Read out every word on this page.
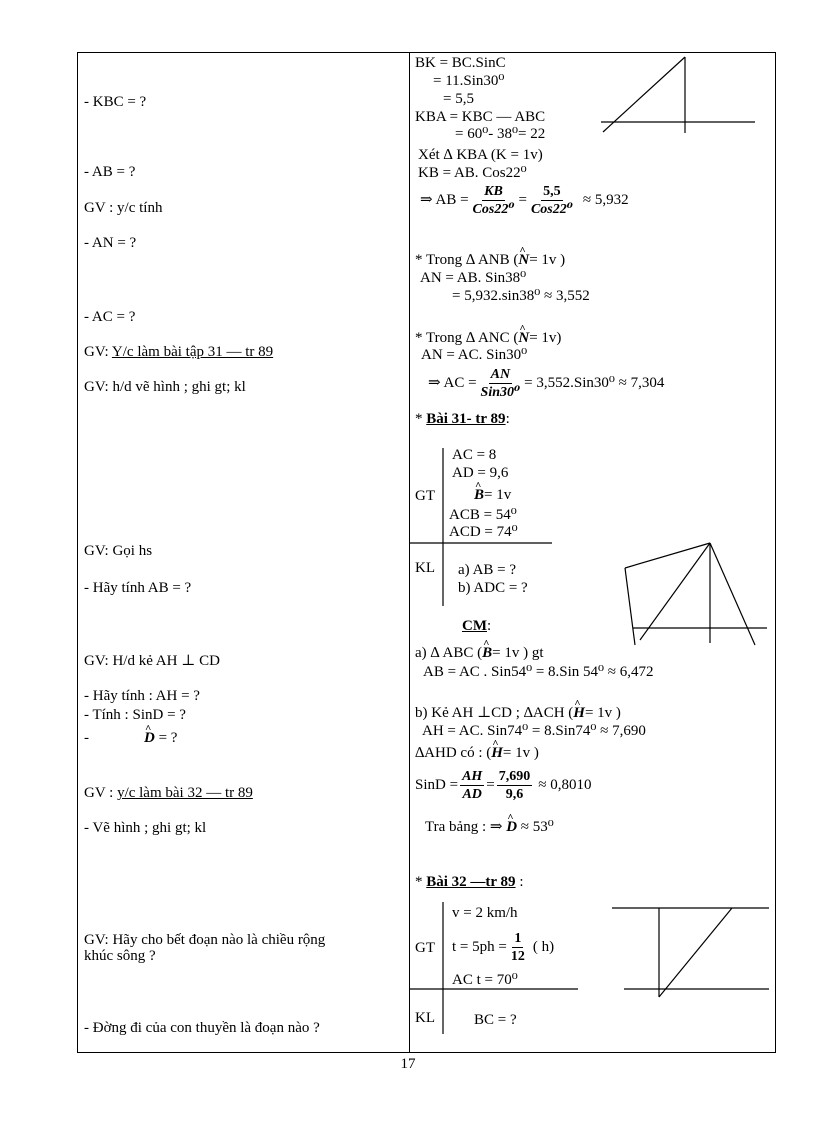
- KBC = ?
- AB = ?
GV : y/c tính
- AN = ?
- AC = ?
GV: Y/c làm bài tập 31 — tr 89
GV: h/d vẽ hình ; ghi gt; kl
GV: Gọi hs
- Hãy tính AB = ?
GV: H/d kẻ AH ⊥ CD
- Hãy tính : AH = ?
- Tính : SinD = ?
-	^ D = ?
GV : y/c làm bài 32 — tr 89
- Vẽ hình ; ghi gt; kl
GV: Hãy cho bết đoạn nào là chiều rộng
khúc sông ?
- Đờng đi của con thuyền là đoạn nào ?
BK = BC.SinC
= 11.Sin30⁰
= 5,5
KBA = KBC — ABC
= 60⁰- 38⁰= 22
Xét ∆ KBA (K = 1v)
KB = AB. Cos22⁰
⇒ AB = $\frac{KB}{\text{Cos22⁰}} = \frac{5,5}{\text{Cos22⁰}} \approx 5,932$
* Trong ∆ ANB (^ N= 1v )
AN = AB. Sin38⁰
= 5,932.sin38⁰ ≈ 3,552
* Trong ∆ ANC (^ N= 1v)
AN = AC. Sin30⁰
⇒ AC = $\frac{AN}{\text{Sin30⁰}} = 3,552.Sin30^0 \approx 7,304$
* Bài 31- tr 89:
GT
AC = 8
AD = 9,6
^ B= 1v
ACB = 54⁰
ACD = 74⁰
KL a) AB = ?
b) ADC = ?
CM:
a) ∆ ABC (^ B= 1v ) gt
AB = AC . Sin54⁰ = 8.Sin 54⁰ ≈ 6,472
b) Kẻ AH ⊥CD ; ∆ACH (^ H= 1v )
AH = AC. Sin74⁰ = 8.Sin74⁰ ≈ 7,690
∆AHD có : (^ H= 1v )
SinD = $\frac{AH}{AD} = \frac{7,690}{9,6} \approx 0,8010$
Tra bảng : ⇒ ^ D ≈ 53⁰
* Bài 32 —tr 89 :
GT
v = 2 km/h
$t = 5ph = \frac{1}{12}$ ( h)
AC t = 70⁰
KL	BC = ?
17
